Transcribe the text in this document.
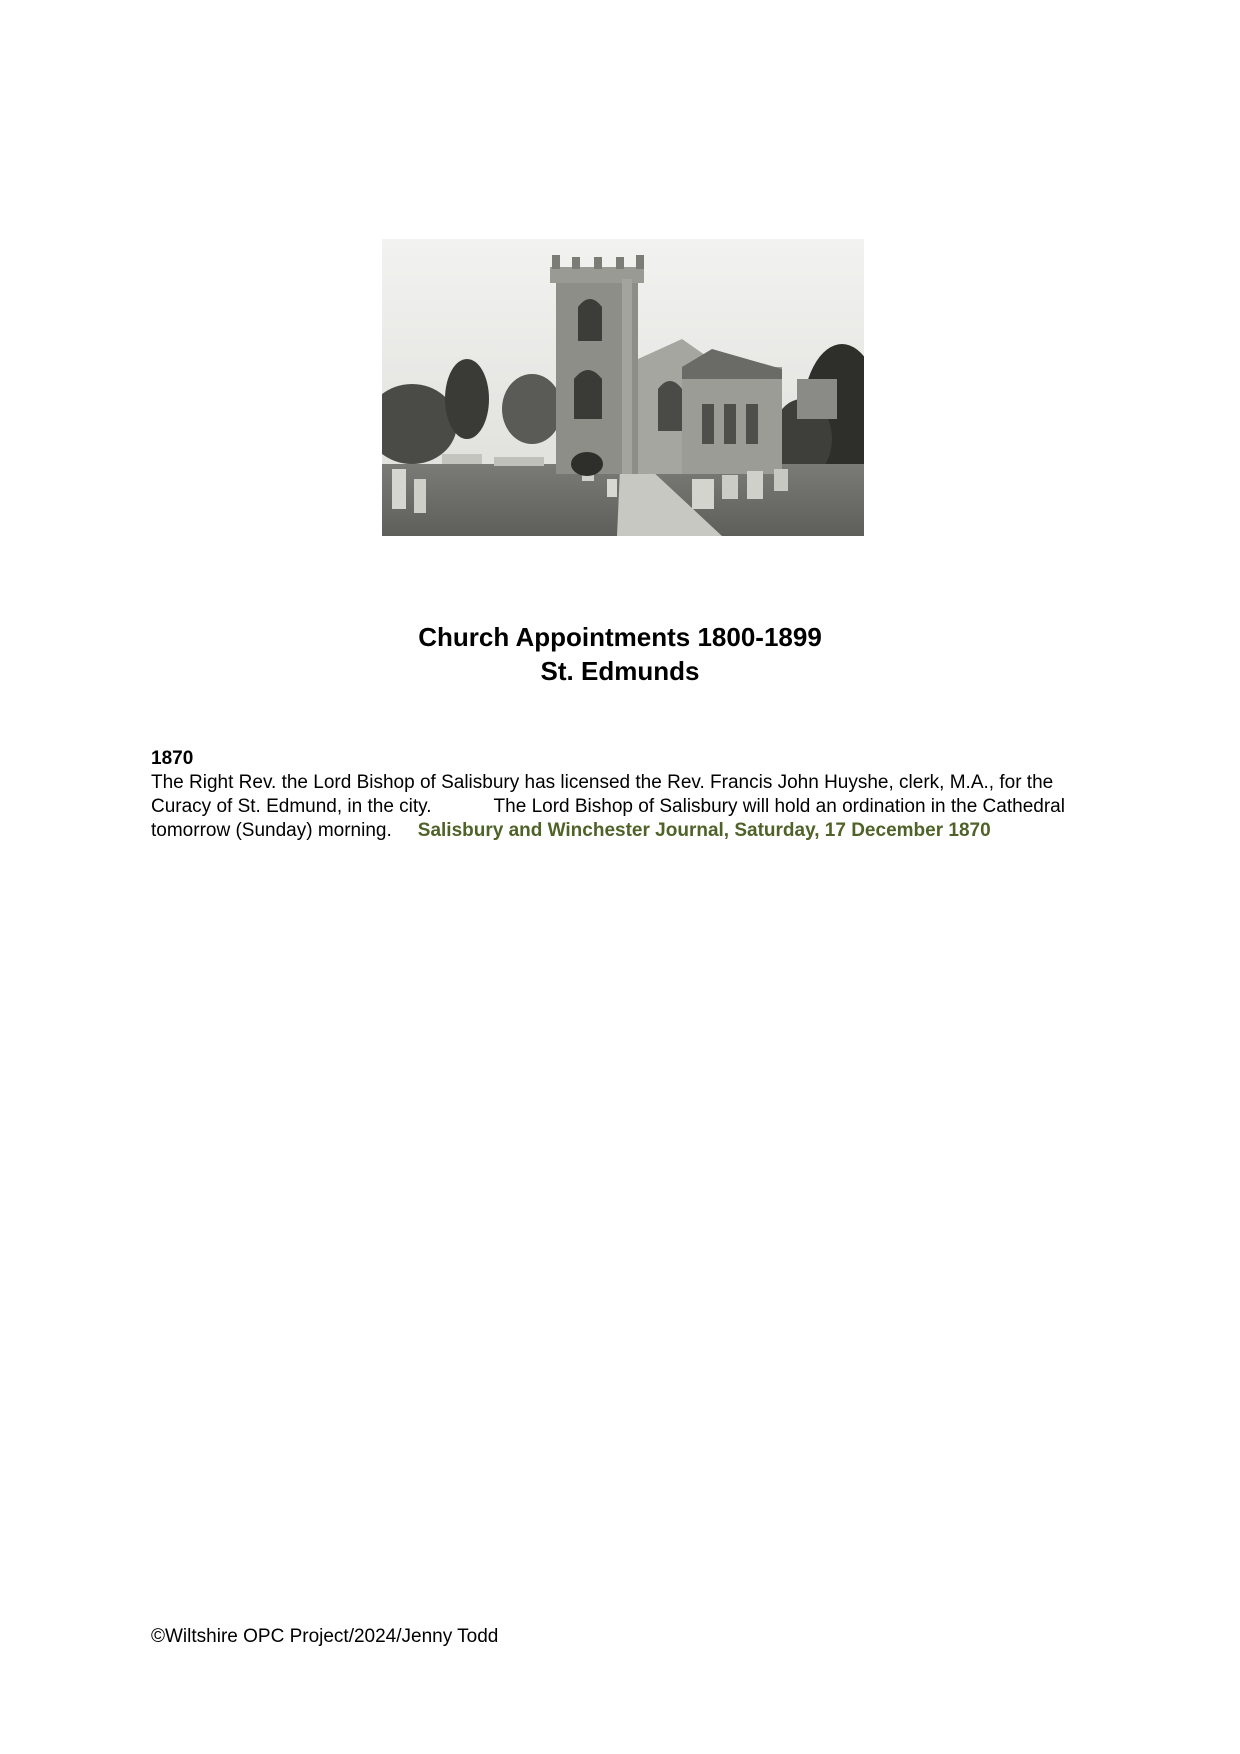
Church Appointments 1800-1899
St. Edmunds
1870
The Right Rev. the Lord Bishop of Salisbury has licensed the Rev. Francis John Huyshe, clerk, M.A., for the Curacy of St. Edmund, in the city.	The Lord Bishop of Salisbury will hold an ordination in the Cathedral tomorrow (Sunday) morning. Salisbury and Winchester Journal, Saturday, 17 December 1870
©Wiltshire OPC Project/2024/Jenny Todd
